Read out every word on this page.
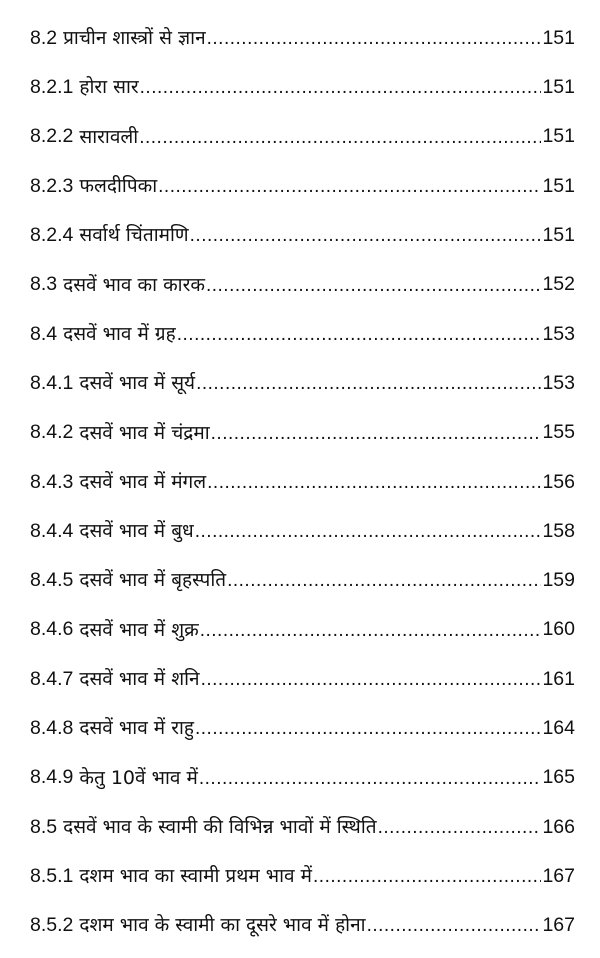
8.2 प्राचीन शास्त्रों से ज्ञान .....	151
8.2.1 होरा सार .....	151
8.2.2 सारावली .....	151
8.2.3 फलदीपिका .....	151
8.2.4 सर्वार्थ चिंतामणि .....	151
8.3 दसवें भाव का कारक .....	152
8.4 दसवें भाव में ग्रह .....	153
8.4.1 दसवें भाव में सूर्य .....	153
8.4.2 दसवें भाव में चंद्रमा .....	155
8.4.3 दसवें भाव में मंगल .....	156
8.4.4 दसवें भाव में बुध .....	158
8.4.5 दसवें भाव में बृहस्पति .....	159
8.4.6 दसवें भाव में शुक्र .....	160
8.4.7 दसवें भाव में शनि .....	161
8.4.8 दसवें भाव में राहु .....	164
8.4.9 केतु 10वें भाव में .....	165
8.5 दसवें भाव के स्वामी की विभिन्न भावों में स्थिति .....	166
8.5.1 दशम भाव का स्वामी प्रथम भाव में .....	167
8.5.2 दशम भाव के स्वामी का दूसरे भाव में होना .....	167
